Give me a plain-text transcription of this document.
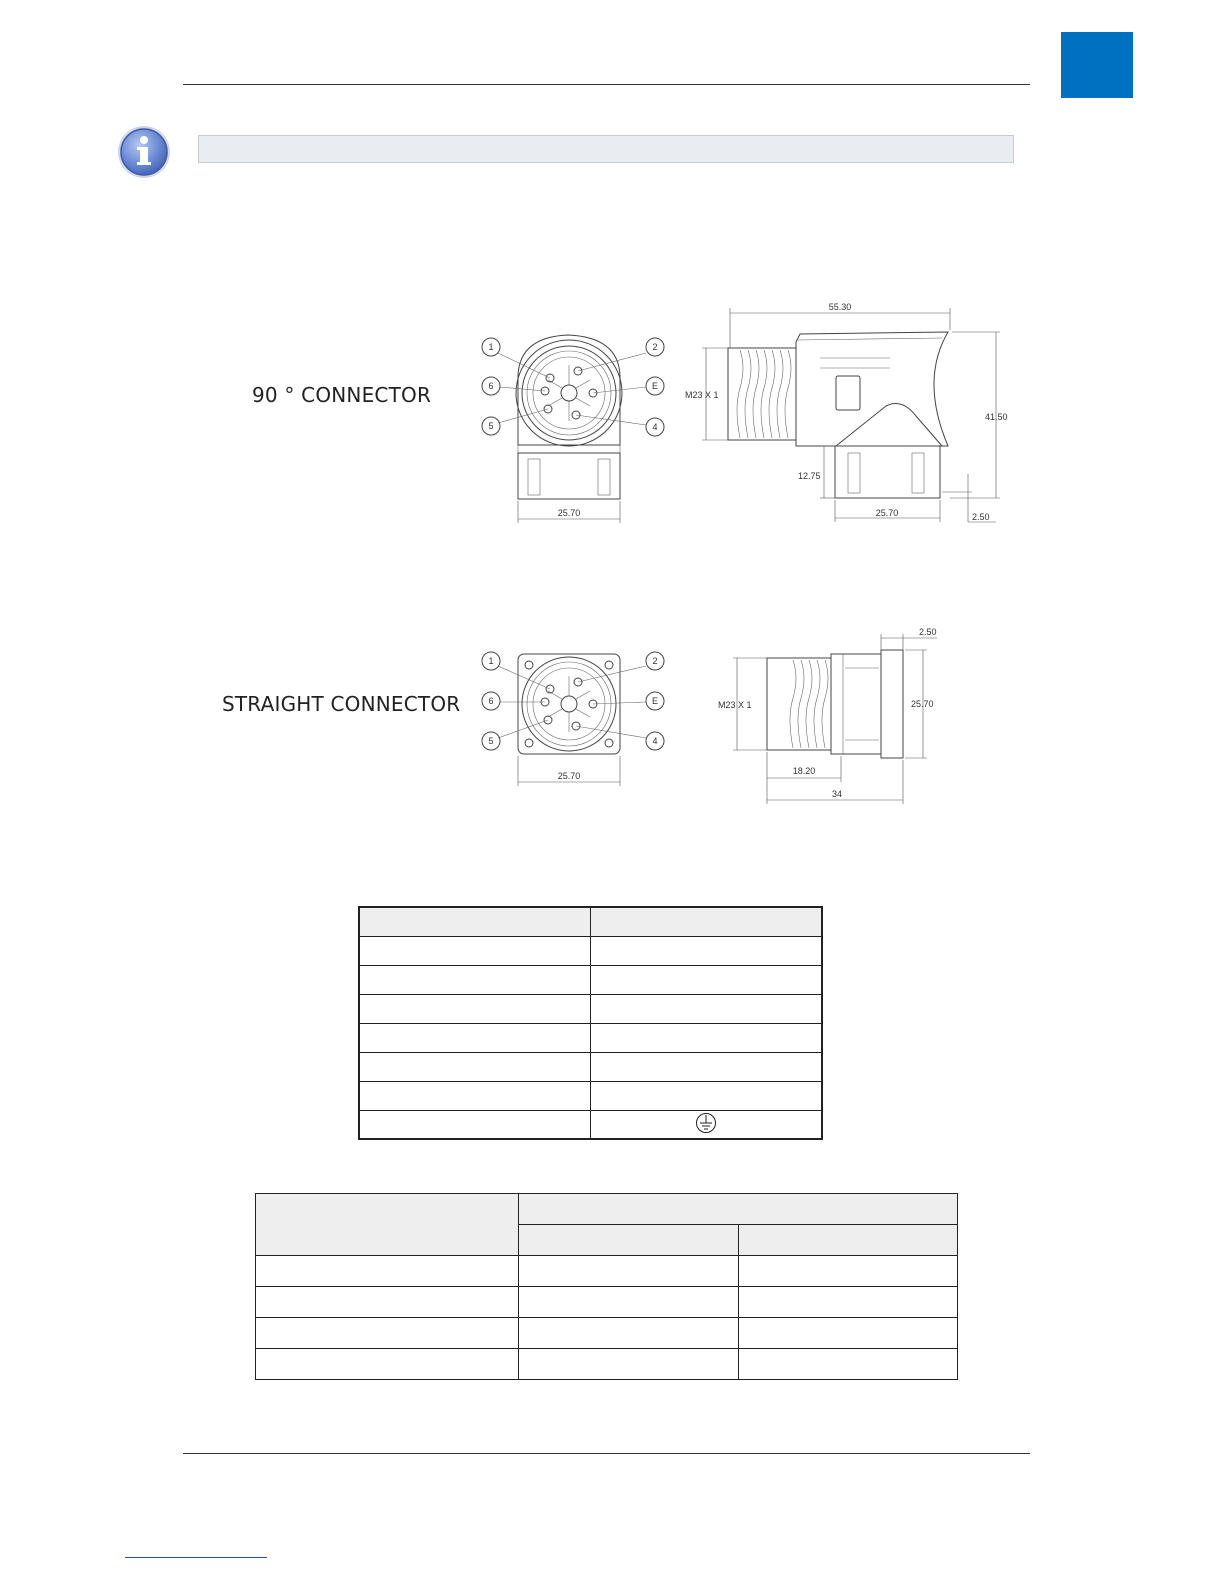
90 ° CONNECTOR
STRAIGHT CONNECTOR
1	2
6	E
5	4
25.70
55.30
M23 X 1
41.50
12.75
25.70	2.50
1	2
6	E
5	4
25.70
2.50
M23 X 1	25.70
18.20
34
